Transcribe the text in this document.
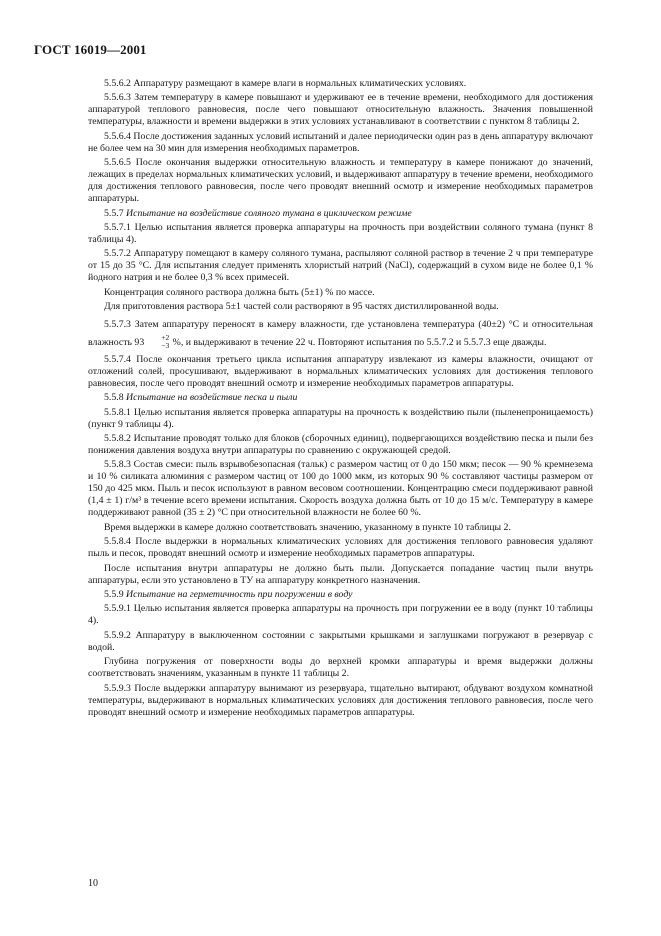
ГОСТ 16019—2001
5.5.6.2 Аппаратуру размещают в камере влаги в нормальных климатических условиях.
5.5.6.3 Затем температуру в камере повышают и удерживают ее в течение времени, необходимого для достижения аппаратурой теплового равновесия, после чего повышают относительную влажность. Значения повышенной температуры, влажности и времени выдержки в этих условиях устанавливают в соответствии с пунктом 8 таблицы 2.
5.5.6.4 После достижения заданных условий испытаний и далее периодически один раз в день аппаратуру включают не более чем на 30 мин для измерения необходимых параметров.
5.5.6.5 После окончания выдержки относительную влажность и температуру в камере понижают до значений, лежащих в пределах нормальных климатических условий, и выдерживают аппаратуру в течение времени, необходимого для достижения теплового равновесия, после чего проводят внешний осмотр и измерение необходимых параметров аппаратуры.
5.5.7 Испытание на воздействие соляного тумана в циклическом режиме
5.5.7.1 Целью испытания является проверка аппаратуры на прочность при воздействии соляного тумана (пункт 8 таблицы 4).
5.5.7.2 Аппаратуру помещают в камеру соляного тумана, распыляют соляной раствор в течение 2 ч при температуре от 15 до 35 °С. Для испытания следует применять хлористый натрий (NaCl), содержащий в сухом виде не более 0,1 % йодного натрия и не более 0,3 % всех примесей.
Концентрация соляного раствора должна быть (5±1) % по массе.
Для приготовления раствора 5±1 частей соли растворяют в 95 частях дистиллированной воды.
5.5.7.3 Затем аппаратуру переносят в камеру влажности, где установлена температура (40±2) °С и относительная влажность 93	+2
−3 %, и выдерживают в течение 22 ч. Повторяют испытания по 5.5.7.2 и 5.5.7.3 еще дважды.
5.5.7.4 После окончания третьего цикла испытания аппаратуру извлекают из камеры влажности, очищают от отложений солей, просушивают, выдерживают в нормальных климатических условиях для достижения теплового равновесия, после чего проводят внешний осмотр и измерение необходимых параметров аппаратуры.
5.5.8 Испытание на воздействие песка и пыли
5.5.8.1 Целью испытания является проверка аппаратуры на прочность к воздействию пыли (пыленепроницаемость) (пункт 9 таблицы 4).
5.5.8.2 Испытание проводят только для блоков (сборочных единиц), подвергающихся воздействию песка и пыли без понижения давления воздуха внутри аппаратуры по сравнению с окружающей средой.
5.5.8.3 Состав смеси: пыль взрывобезопасная (тальк) с размером частиц от 0 до 150 мкм; песок — 90 % кремнезема и 10 % силиката алюминия с размером частиц от 100 до 1000 мкм, из которых 90 % составляют частицы размером от 150 до 425 мкм. Пыль и песок используют в равном весовом соотношении. Концентрацию смеси поддерживают равной (1,4 ± 1) г/м³ в течение всего времени испытания. Скорость воздуха должна быть от 10 до 15 м/с. Температуру в камере поддерживают равной (35 ± 2) °С при относительной влажности не более 60 %.
Время выдержки в камере должно соответствовать значению, указанному в пункте 10 таблицы 2.
5.5.8.4 После выдержки в нормальных климатических условиях для достижения теплового равновесия удаляют пыль и песок, проводят внешний осмотр и измерение необходимых параметров аппаратуры.
После испытания внутри аппаратуры не должно быть пыли. Допускается попадание частиц пыли внутрь аппаратуры, если это установлено в ТУ на аппаратуру конкретного назначения.
5.5.9 Испытание на герметичность при погружении в воду
5.5.9.1 Целью испытания является проверка аппаратуры на прочность при погружении ее в воду (пункт 10 таблицы 4).
5.5.9.2 Аппаратуру в выключенном состоянии с закрытыми крышками и заглушками погружают в резервуар с водой.
Глубина погружения от поверхности воды до верхней кромки аппаратуры и время выдержки должны соответствовать значениям, указанным в пункте 11 таблицы 2.
5.5.9.3 После выдержки аппаратуру вынимают из резервуара, тщательно вытирают, обдувают воздухом комнатной температуры, выдерживают в нормальных климатических условиях для достижения теплового равновесия, после чего проводят внешний осмотр и измерение необходимых параметров аппаратуры.
10
